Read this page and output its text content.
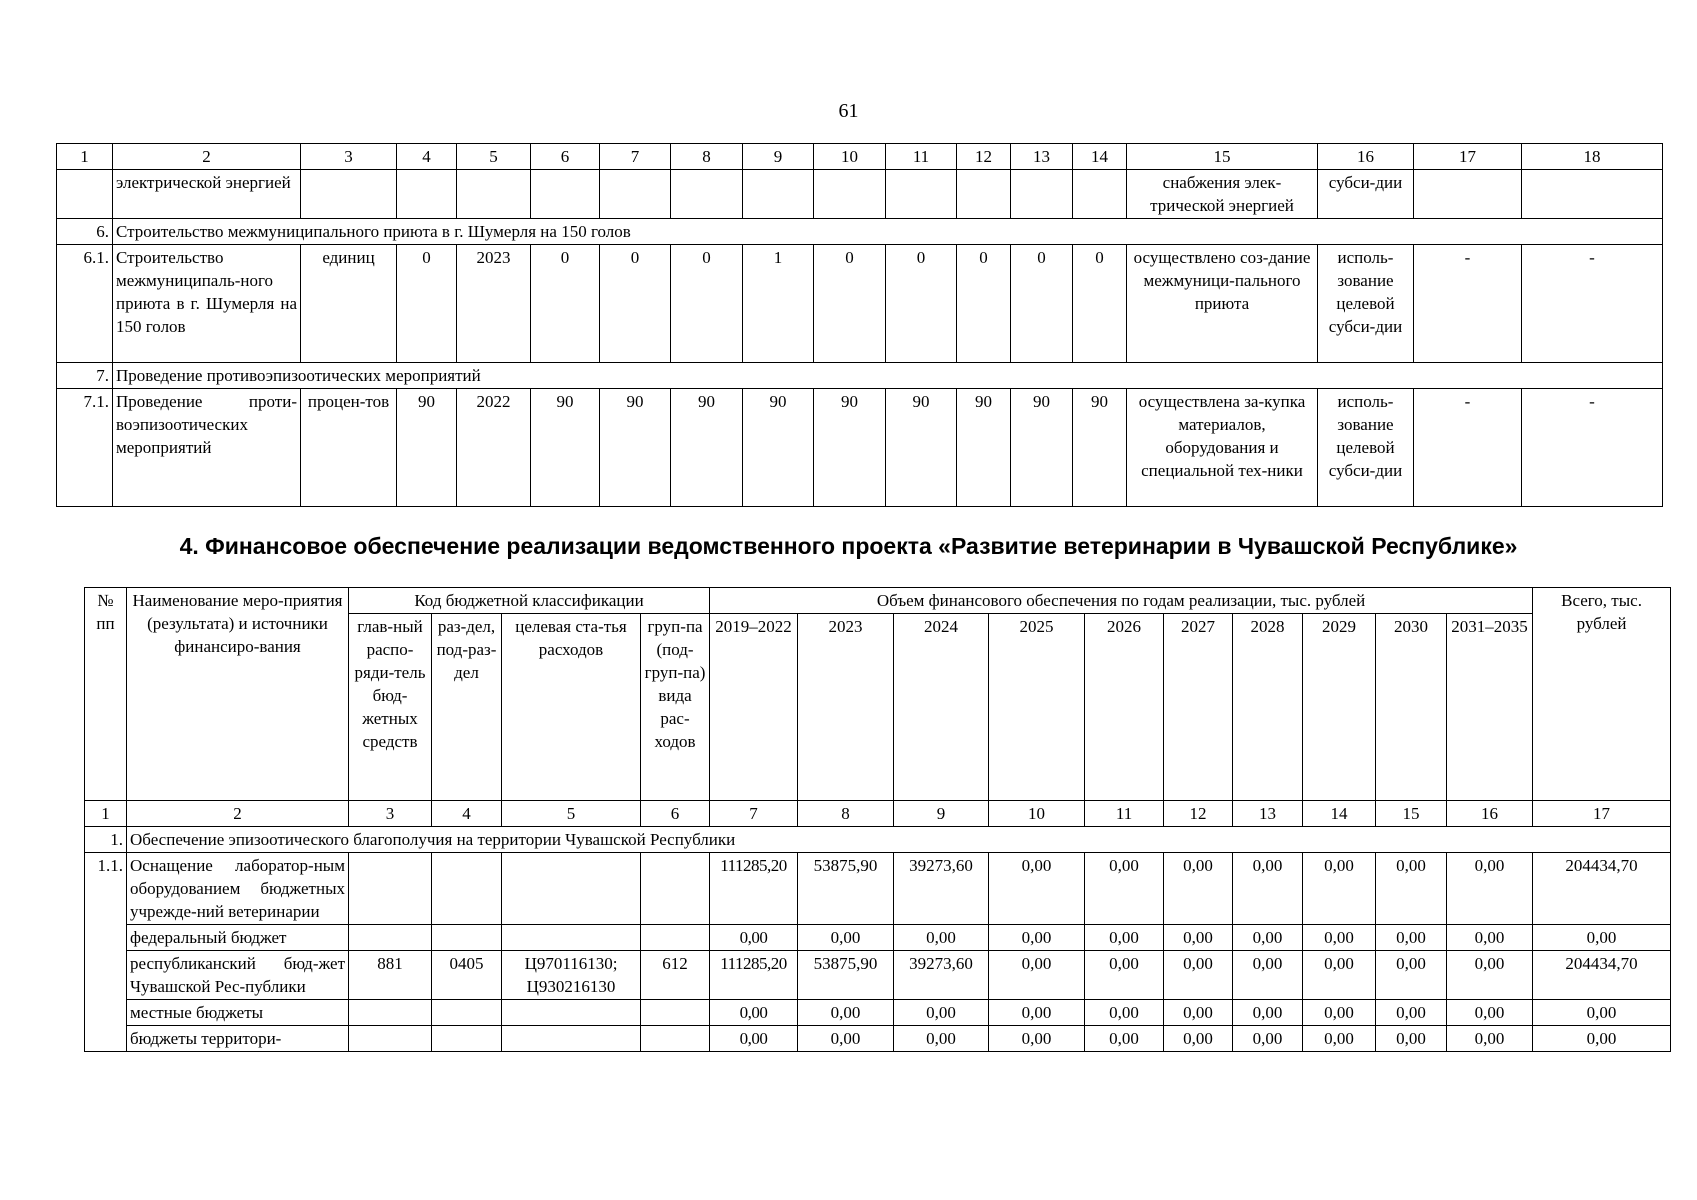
61
1	2	3	4	5	6	7	8	9	10	11	12	13	14	15	16	17	18
	электрической энергией													снабжения элек-трической энергией	субси-дии		
6.	Строительство межмуниципального приюта в г. Шумерля на 150 голов																
6.1.	Строительство межмуниципаль-ного приюта в г. Шумерля на 150 голов	единиц	0	2023	0	0	0	1	0	0	0	0	0	осуществлено соз-дание межмуници-пального приюта	исполь-зование целевой субси-дии	-	-
7.	Проведение противоэпизоотических мероприятий																
7.1.	Проведение проти-воэпизоотических мероприятий	процен-тов	90	2022	90	90	90	90	90	90	90	90	90	осуществлена за-купка материалов, оборудования и специальной тех-ники	исполь-зование целевой субси-дии	-	-
4. Финансовое обеспечение реализации ведомственного проекта «Развитие ветеринарии в Чувашской Республике»
№ пп	Наименование меро-приятия (результата) и источники финансиро-вания	Код бюджетной классификации				Объем финансового обеспечения по годам реализации, тыс. рублей										Всего, тыс. рублей
		глав-ный распо-ряди-тель бюд-жетных средств	раз-дел, под-раз-дел	целевая ста-тья расходов	груп-па (под-груп-па) вида рас-ходов	2019–2022	2023	2024	2025	2026	2027	2028	2029	2030	2031–2035	
1	2	3	4	5	6	7	8	9	10	11	12	13	14	15	16	17
1.	Обеспечение эпизоотического благополучия на территории Чувашской Республики															
1.1.	Оснащение лаборатор-ным оборудованием бюджетных учрежде-ний ветеринарии					111285,20	53875,90	39273,60	0,00	0,00	0,00	0,00	0,00	0,00	0,00	204434,70
	федеральный бюджет					0,00	0,00	0,00	0,00	0,00	0,00	0,00	0,00	0,00	0,00	0,00
	республиканский бюд-жет Чувашской Рес-публики	881	0405	Ц970116130; Ц930216130	612	111285,20	53875,90	39273,60	0,00	0,00	0,00	0,00	0,00	0,00	0,00	204434,70
	местные бюджеты					0,00	0,00	0,00	0,00	0,00	0,00	0,00	0,00	0,00	0,00	0,00
	бюджеты территори-					0,00	0,00	0,00	0,00	0,00	0,00	0,00	0,00	0,00	0,00	0,00
